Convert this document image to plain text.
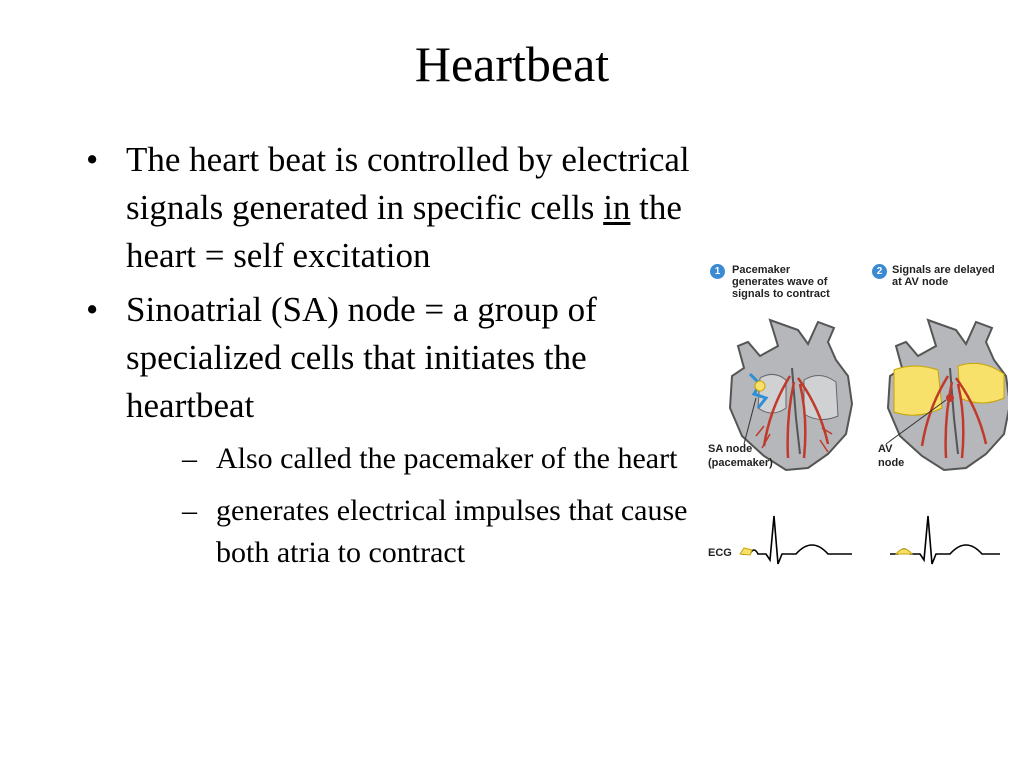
Heartbeat
• The heart beat is controlled by electrical signals generated in specific cells in the heart = self excitation
• Sinoatrial (SA) node = a group of specialized cells that initiates the heartbeat
– Also called the pacemaker of the heart
– generates electrical impulses that cause both atria to contract
1	Pacemaker
generates wave of
signals to contract
2 Signals are delayed
at AV node
SA node
(pacemaker)
AV
node
ECG
